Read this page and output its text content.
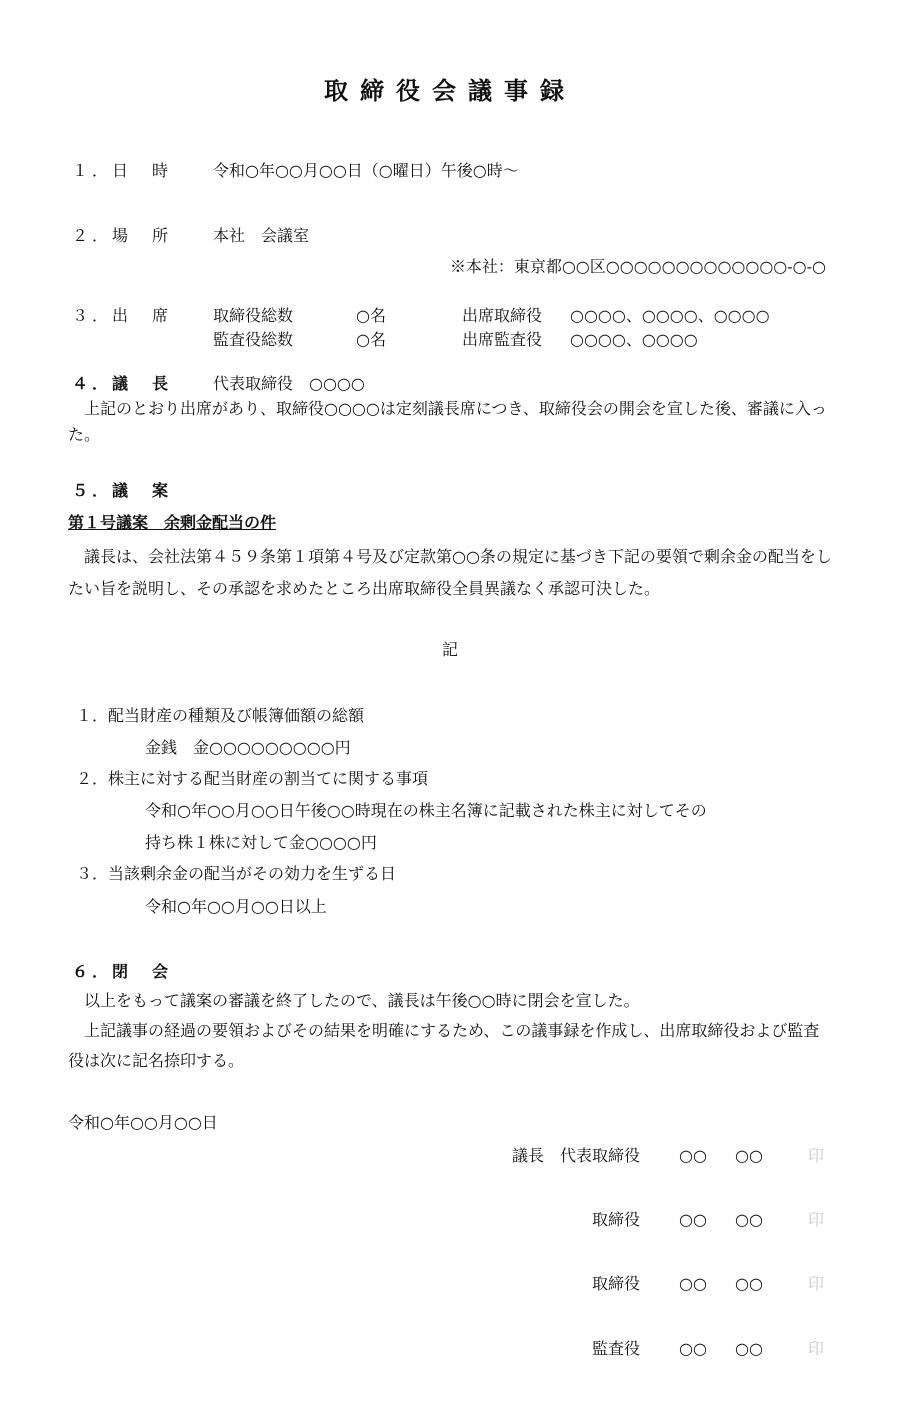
取締役会議事録
１．日　時	令和○年○○月○○日（○曜日）午後○時～
２．場　所	本社　会議室
※本社：東京都○○区○○○○○○○○○○○○○-○-○
３．出　席	取締役総数	○名	出席取締役 ○○○○、○○○○、○○○○
監査役総数	○名	出席監査役 ○○○○、○○○○
４．議　長	代表取締役　○○○○
上記のとおり出席があり、取締役○○○○は定刻議長席につき、取締役会の開会を宣した後、審議に入った。
５．議　案
第１号議案　余剰金配当の件
議長は、会社法第４５９条第１項第４号及び定款第○○条の規定に基づき下記の要領で剰余金の配当をしたい旨を説明し、その承認を求めたところ出席取締役全員異議なく承認可決した。
記
１．配当財産の種類及び帳簿価額の総額
金銭　金○○○○○○○○○円
２．株主に対する配当財産の割当てに関する事項
令和○年○○月○○日午後○○時現在の株主名簿に記載された株主に対してその
持ち株１株に対して金○○○○円
３．当該剰余金の配当がその効力を生ずる日
令和○年○○月○○日以上
６．閉　会
以上をもって議案の審議を終了したので、議長は午後○○時に閉会を宣した。
上記議事の経過の要領およびその結果を明確にするため、この議事録を作成し、出席取締役および監査役は次に記名捺印する。
令和○年○○月○○日
議長　代表取締役 ○○ ○○	印
取締役 ○○ ○○	印
取締役 ○○ ○○	印
監査役 ○○ ○○	印
